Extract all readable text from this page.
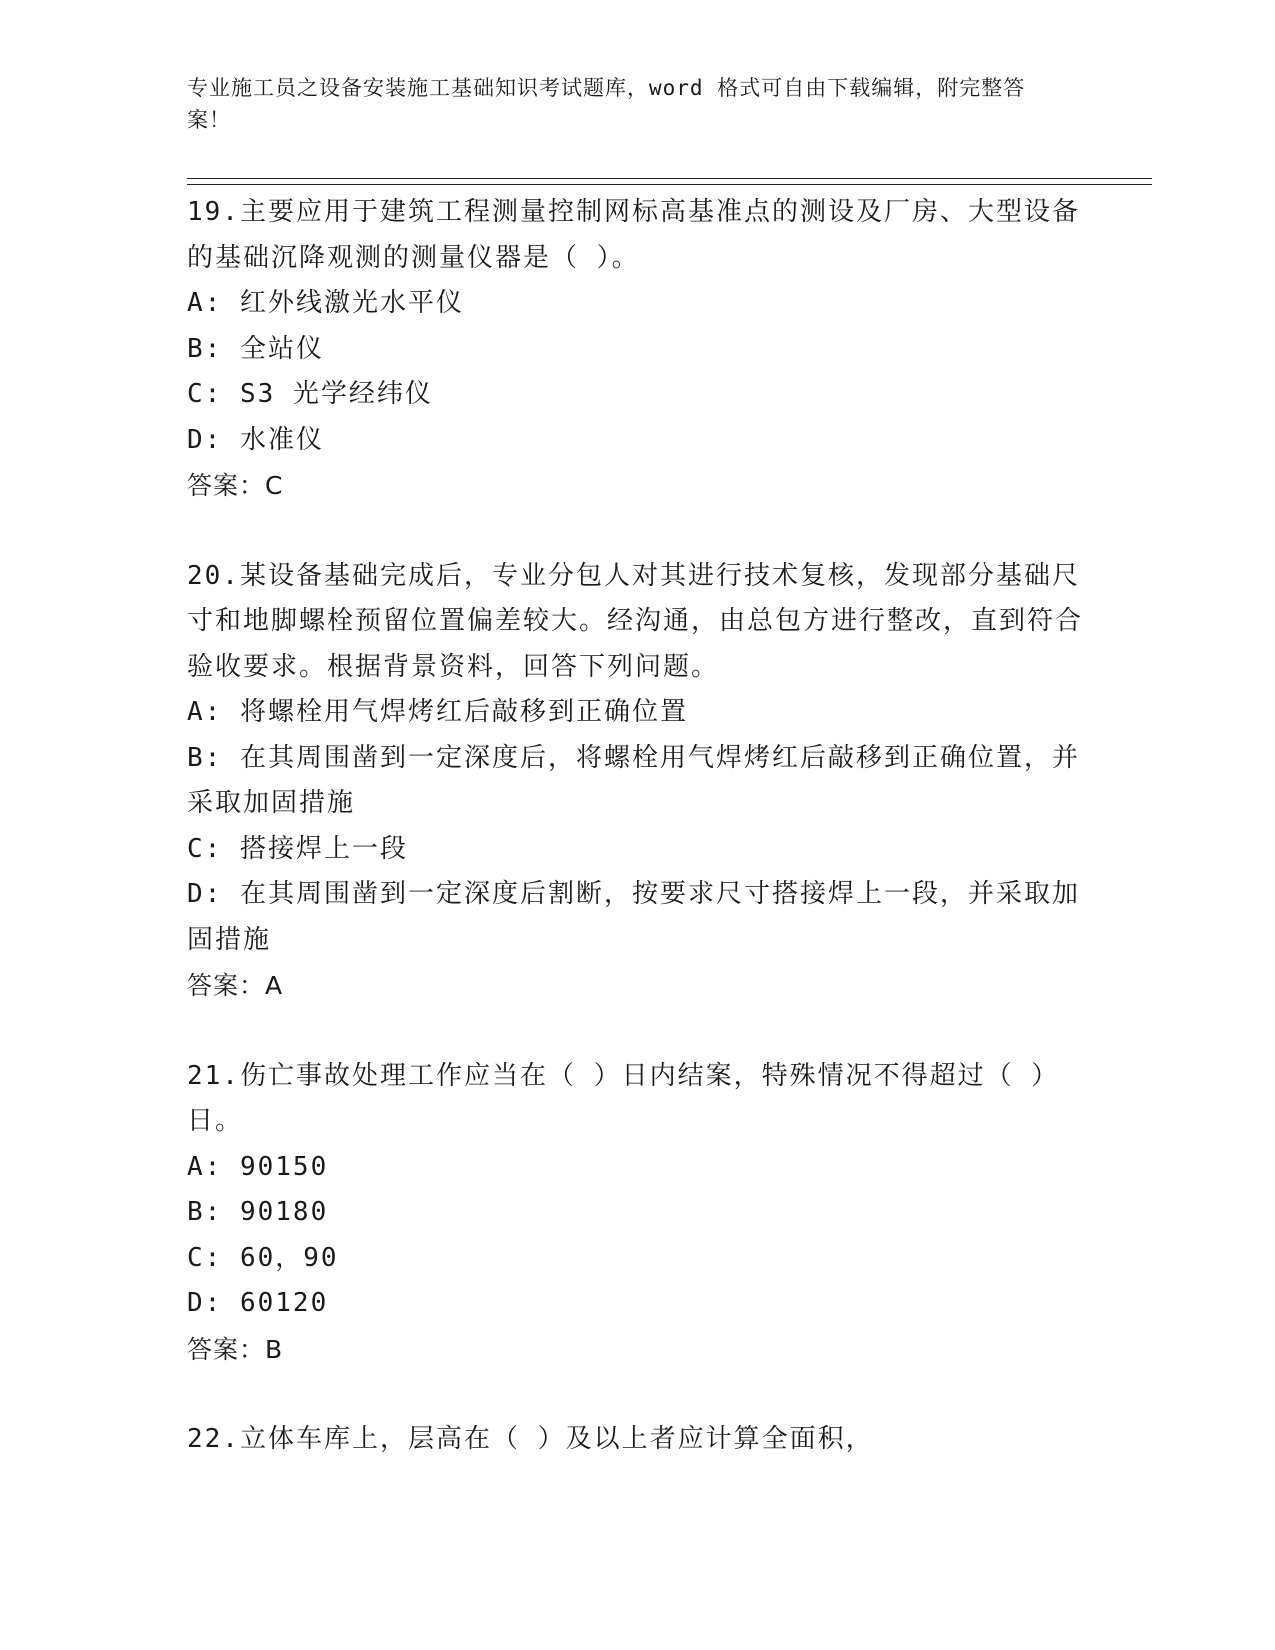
专业施工员之设备安装施工基础知识考试题库，word 格式可自由下载编辑，附完整答案！
19.主要应用于建筑工程测量控制网标高基准点的测设及厂房、大型设备的基础沉降观测的测量仪器是（ ）。
A: 红外线激光水平仪
B: 全站仪
C: S3 光学经纬仪
D: 水准仪
答案：C
20.某设备基础完成后，专业分包人对其进行技术复核，发现部分基础尺寸和地脚螺栓预留位置偏差较大。经沟通，由总包方进行整改，直到符合验收要求。根据背景资料，回答下列问题。
A: 将螺栓用气焊烤红后敲移到正确位置
B: 在其周围凿到一定深度后，将螺栓用气焊烤红后敲移到正确位置，并采取加固措施
C: 搭接焊上一段
D: 在其周围凿到一定深度后割断，按要求尺寸搭接焊上一段，并采取加固措施
答案：A
21.伤亡事故处理工作应当在（ ）日内结案，特殊情况不得超过（ ）日。
A: 90150
B: 90180
C: 60，90
D: 60120
答案：B
22.立体车库上，层高在（ ）及以上者应计算全面积，
